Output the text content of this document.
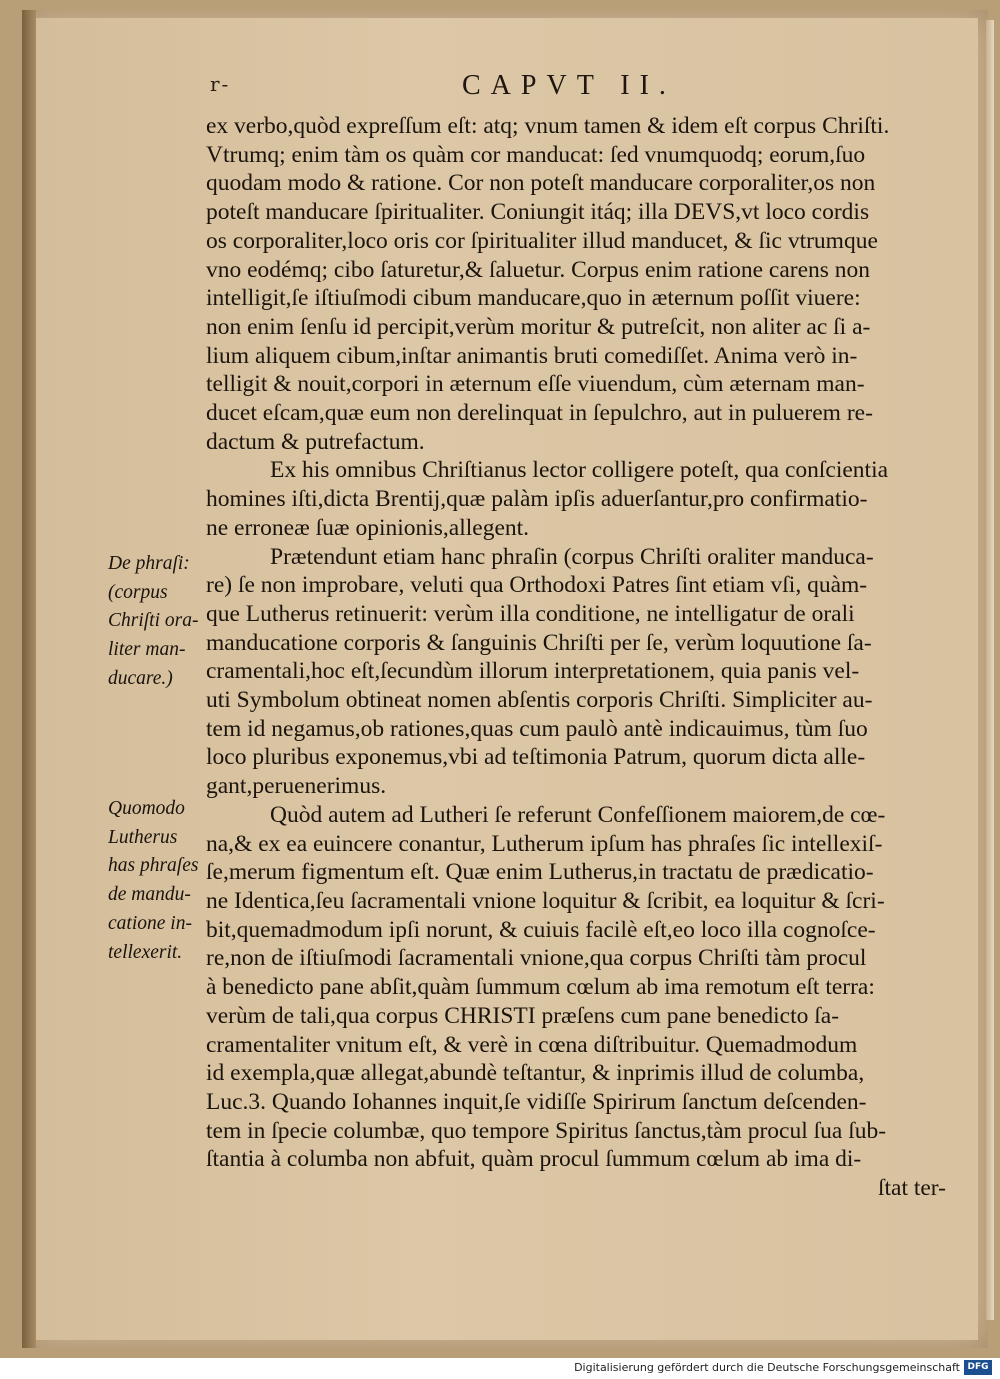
r-	CAPVT II.
ex verbo,quòd expreſſum eſt: atq; vnum tamen & idem eſt corpus Chriſti.
Vtrumq; enim tàm os quàm cor manducat: ſed vnumquodq; eorum,ſuo
quodam modo & ratione. Cor non poteſt manducare corporaliter,os non
poteſt manducare ſpiritualiter. Coniungit itáq; illa DEVS,vt loco cordis
os corporaliter,loco oris cor ſpiritualiter illud manducet, & ſic vtrumque
vno eodémq; cibo ſaturetur,& ſaluetur. Corpus enim ratione carens non
intelligit,ſe iſtiuſmodi cibum manducare,quo in æternum poſſit viuere:
non enim ſenſu id percipit,verùm moritur & putreſcit, non aliter ac ſi a-
lium aliquem cibum,inſtar animantis bruti comediſſet. Anima verò in-
telligit & nouit,corpori in æternum eſſe viuendum, cùm æternam man-
ducet eſcam,quæ eum non derelinquat in ſepulchro, aut in puluerem re-
dactum & putrefactum.
Ex his omnibus Chriſtianus lector colligere poteſt, qua conſcientia
homines iſti,dicta Brentij,quæ palàm ipſis aduerſantur,pro confirmatio-
ne erroneæ ſuæ opinionis,allegent.
Prætendunt etiam hanc phraſin (corpus Chriſti oraliter manduca-
re) ſe non improbare, veluti qua Orthodoxi Patres ſint etiam vſi, quàm-
que Lutherus retinuerit: verùm illa conditione, ne intelligatur de orali
manducatione corporis & ſanguinis Chriſti per ſe, verùm loquutione ſa-
cramentali,hoc eſt,ſecundùm illorum interpretationem, quia panis vel-
uti Symbolum obtineat nomen abſentis corporis Chriſti. Simpliciter au-
tem id negamus,ob rationes,quas cum paulò antè indicauimus, tùm ſuo
loco pluribus exponemus,vbi ad teſtimonia Patrum, quorum dicta alle-
gant,peruenerimus.
Quòd autem ad Lutheri ſe referunt Confeſſionem maiorem,de cœ-
na,& ex ea euincere conantur, Lutherum ipſum has phraſes ſic intellexiſ-
ſe,merum figmentum eſt. Quæ enim Lutherus,in tractatu de prædicatio-
ne Identica,ſeu ſacramentali vnione loquitur & ſcribit, ea loquitur & ſcri-
bit,quemadmodum ipſi norunt, & cuiuis facilè eſt,eo loco illa cognoſce-
re,non de iſtiuſmodi ſacramentali vnione,qua corpus Chriſti tàm procul
à benedicto pane abſit,quàm ſummum cœlum ab ima remotum eſt terra:
verùm de tali,qua corpus CHRISTI præſens cum pane benedicto ſa-
cramentaliter vnitum eſt, & verè in cœna diſtribuitur. Quemadmodum
id exempla,quæ allegat,abundè teſtantur, & inprimis illud de columba,
Luc.3. Quando Iohannes inquit,ſe vidiſſe Spirirum ſanctum deſcenden-
tem in ſpecie columbæ, quo tempore Spiritus ſanctus,tàm procul ſua ſub-
ſtantia à columba non abfuit, quàm procul ſummum cœlum ab ima di-
ſtat ter-
De phraſi:
(corpus
Chriſti ora-
liter man-
ducare.)
Quomodo
Lutherus
has phraſes
de mandu-
catione in-
tellexerit.
Digitalisierung gefördert durch die Deutsche Forschungsgemeinschaft DFG
